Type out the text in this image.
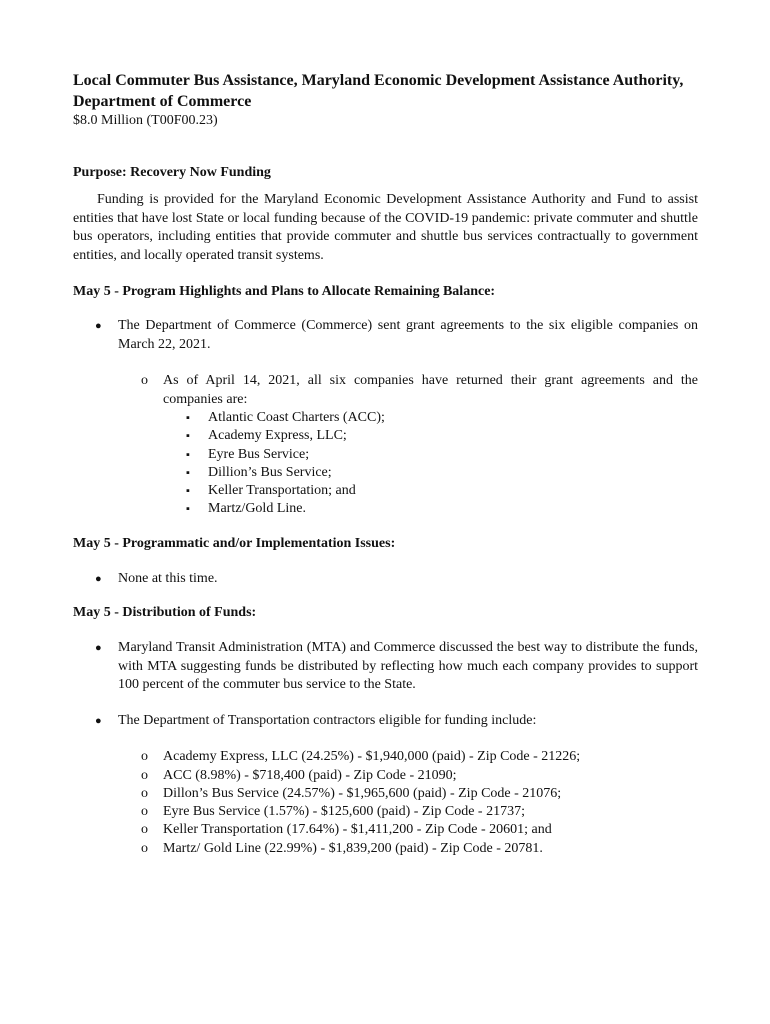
Local Commuter Bus Assistance, Maryland Economic Development Assistance Authority, Department of Commerce

$8.0 Million (T00F00.23)

Purpose: Recovery Now Funding

Funding is provided for the Maryland Economic Development Assistance Authority and Fund to assist entities that have lost State or local funding because of the COVID-19 pandemic: private commuter and shuttle bus operators, including entities that provide commuter and shuttle bus services contractually to government entities, and locally operated transit systems.

May 5 - Program Highlights and Plans to Allocate Remaining Balance:

● The Department of Commerce (Commerce) sent grant agreements to the six eligible companies on March 22, 2021.
o As of April 14, 2021, all six companies have returned their grant agreements and the companies are:
▪ Atlantic Coast Charters (ACC);
▪ Academy Express, LLC;
▪ Eyre Bus Service;
▪ Dillion’s Bus Service;
▪ Keller Transportation; and
▪ Martz/Gold Line.

May 5 - Programmatic and/or Implementation Issues:

● None at this time.

May 5 - Distribution of Funds:

● Maryland Transit Administration (MTA) and Commerce discussed the best way to distribute the funds, with MTA suggesting funds be distributed by reflecting how much each company provides to support 100 percent of the commuter bus service to the State.
● The Department of Transportation contractors eligible for funding include:
o Academy Express, LLC (24.25%) - $1,940,000 (paid) - Zip Code - 21226;
o ACC (8.98%) - $718,400 (paid) - Zip Code - 21090;
o Dillon’s Bus Service (24.57%) - $1,965,600 (paid) - Zip Code - 21076;
o Eyre Bus Service (1.57%) - $125,600 (paid) - Zip Code - 21737;
o Keller Transportation (17.64%) - $1,411,200 - Zip Code - 20601; and
o Martz/ Gold Line (22.99%) - $1,839,200 (paid) - Zip Code - 20781.
